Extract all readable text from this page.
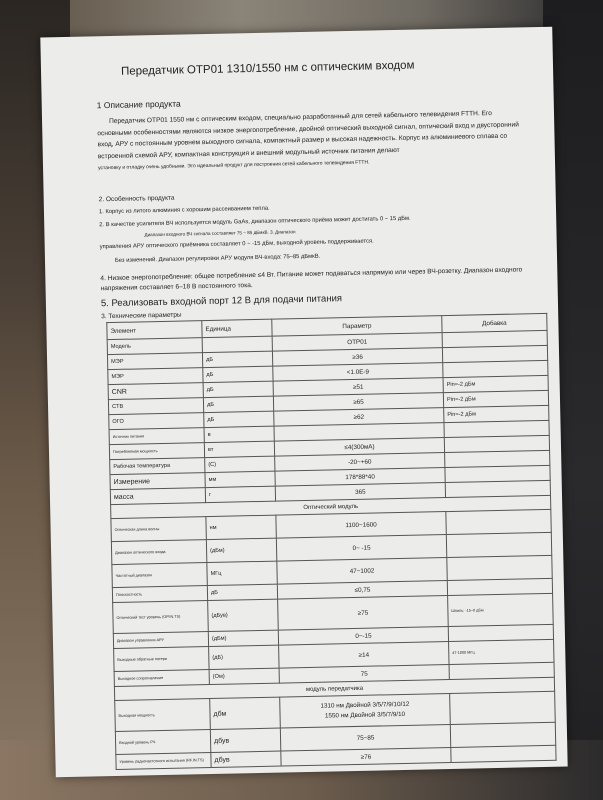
Передатчик OTP01 1310/1550 нм с оптическим входом
1 Описание продукта
Передатчик OTP01 1550 нм с оптическим входом, специально разработанный для сетей кабельного телевидения FTTH. Его основными особенностями являются низкое энергопотребление, двойной оптический выходной сигнал, оптический вход и двусторонний вход, АРУ с постоянным уровнем выходного сигнала, компактный размер и высокая надежность. Корпус из алюминиевого сплава со встроенной схемой АРУ, компактная конструкция и внешний модульный источник питания делают
установку и отладку очень удобными. Это идеальный продукт для построения сетей кабельного телевидения FTTH.
2. Особенность продукта
1. Корпус из литого алюминия с хорошим рассеиванием тепла.
2. В качестве усилителя ВЧ используется модуль GaAs, диапазон оптического приёма может достигать 0 ~ 15 дБм.
Диапазон входного ВЧ сигнала составляет 75 ~ 85 дБмкВ. 3. Диапазон
управления АРУ оптического приёмника составляет 0 ~ -15 дБм, выходной уровень поддерживается.
Без изменений. Диапазон регулировки АРУ модуля ВЧ-входа: 75–85 дБмкВ.
4. Низкое энергопотребление: общее потребление ≤4 Вт. Питание может подаваться напрямую или через ВЧ-розетку. Диапазон входного напряжения составляет 6–18 В постоянного тока.
5. Реализовать входной порт 12 В для подачи питания
3. Технические параметры
Элемент	Единица	Параметр	Добавка
Модель		OTP01	
MЭР	дБ	≥36	
MЭР	дБ	<1.0E-9	
CNR	дБ	≥51	Pin=-2 дБм
CTB	дБ	≥65	Pin=-2 дБм
ОГО	дБ	≥62	Pin=-2 дБм
Источник питания	в		
Потребляемая мощность	вт	≤4(300мА)	
Рабочая температура	(С)	-20~+60	
Измерение	мм	178*88*40	
масса	г	365	
Оптический модуль			
Оптическая длина волны	нм	1100~1600	
Диапазон оптического входа	(дБм)	0~ -15	
Частотный диапазон	МГц	47~1002	
Плоскостность	дБ	≤0,75	
Оптический тест уровень (OP.IN.TS)	(дБув)	≥75	Шпиль: -15~0 дБм
Диапазон управления АРУ	(дБм)	0~-15	
Выходные обратные потери	(дБ)	≥14	47-1000 МГц
Выходное сопротивление	(Ом)	75	
модуль передатчика			
Выходная мощность	дбм	1310 нм Двойной 3/5/7/9/10/12
1550 нм Двойной 3/5/7/9/10	

Входной уровень РЧ	дбув	75~85	
Уровень радиочастотного испытания (RF.IN.TS)	дбув	≥76	
